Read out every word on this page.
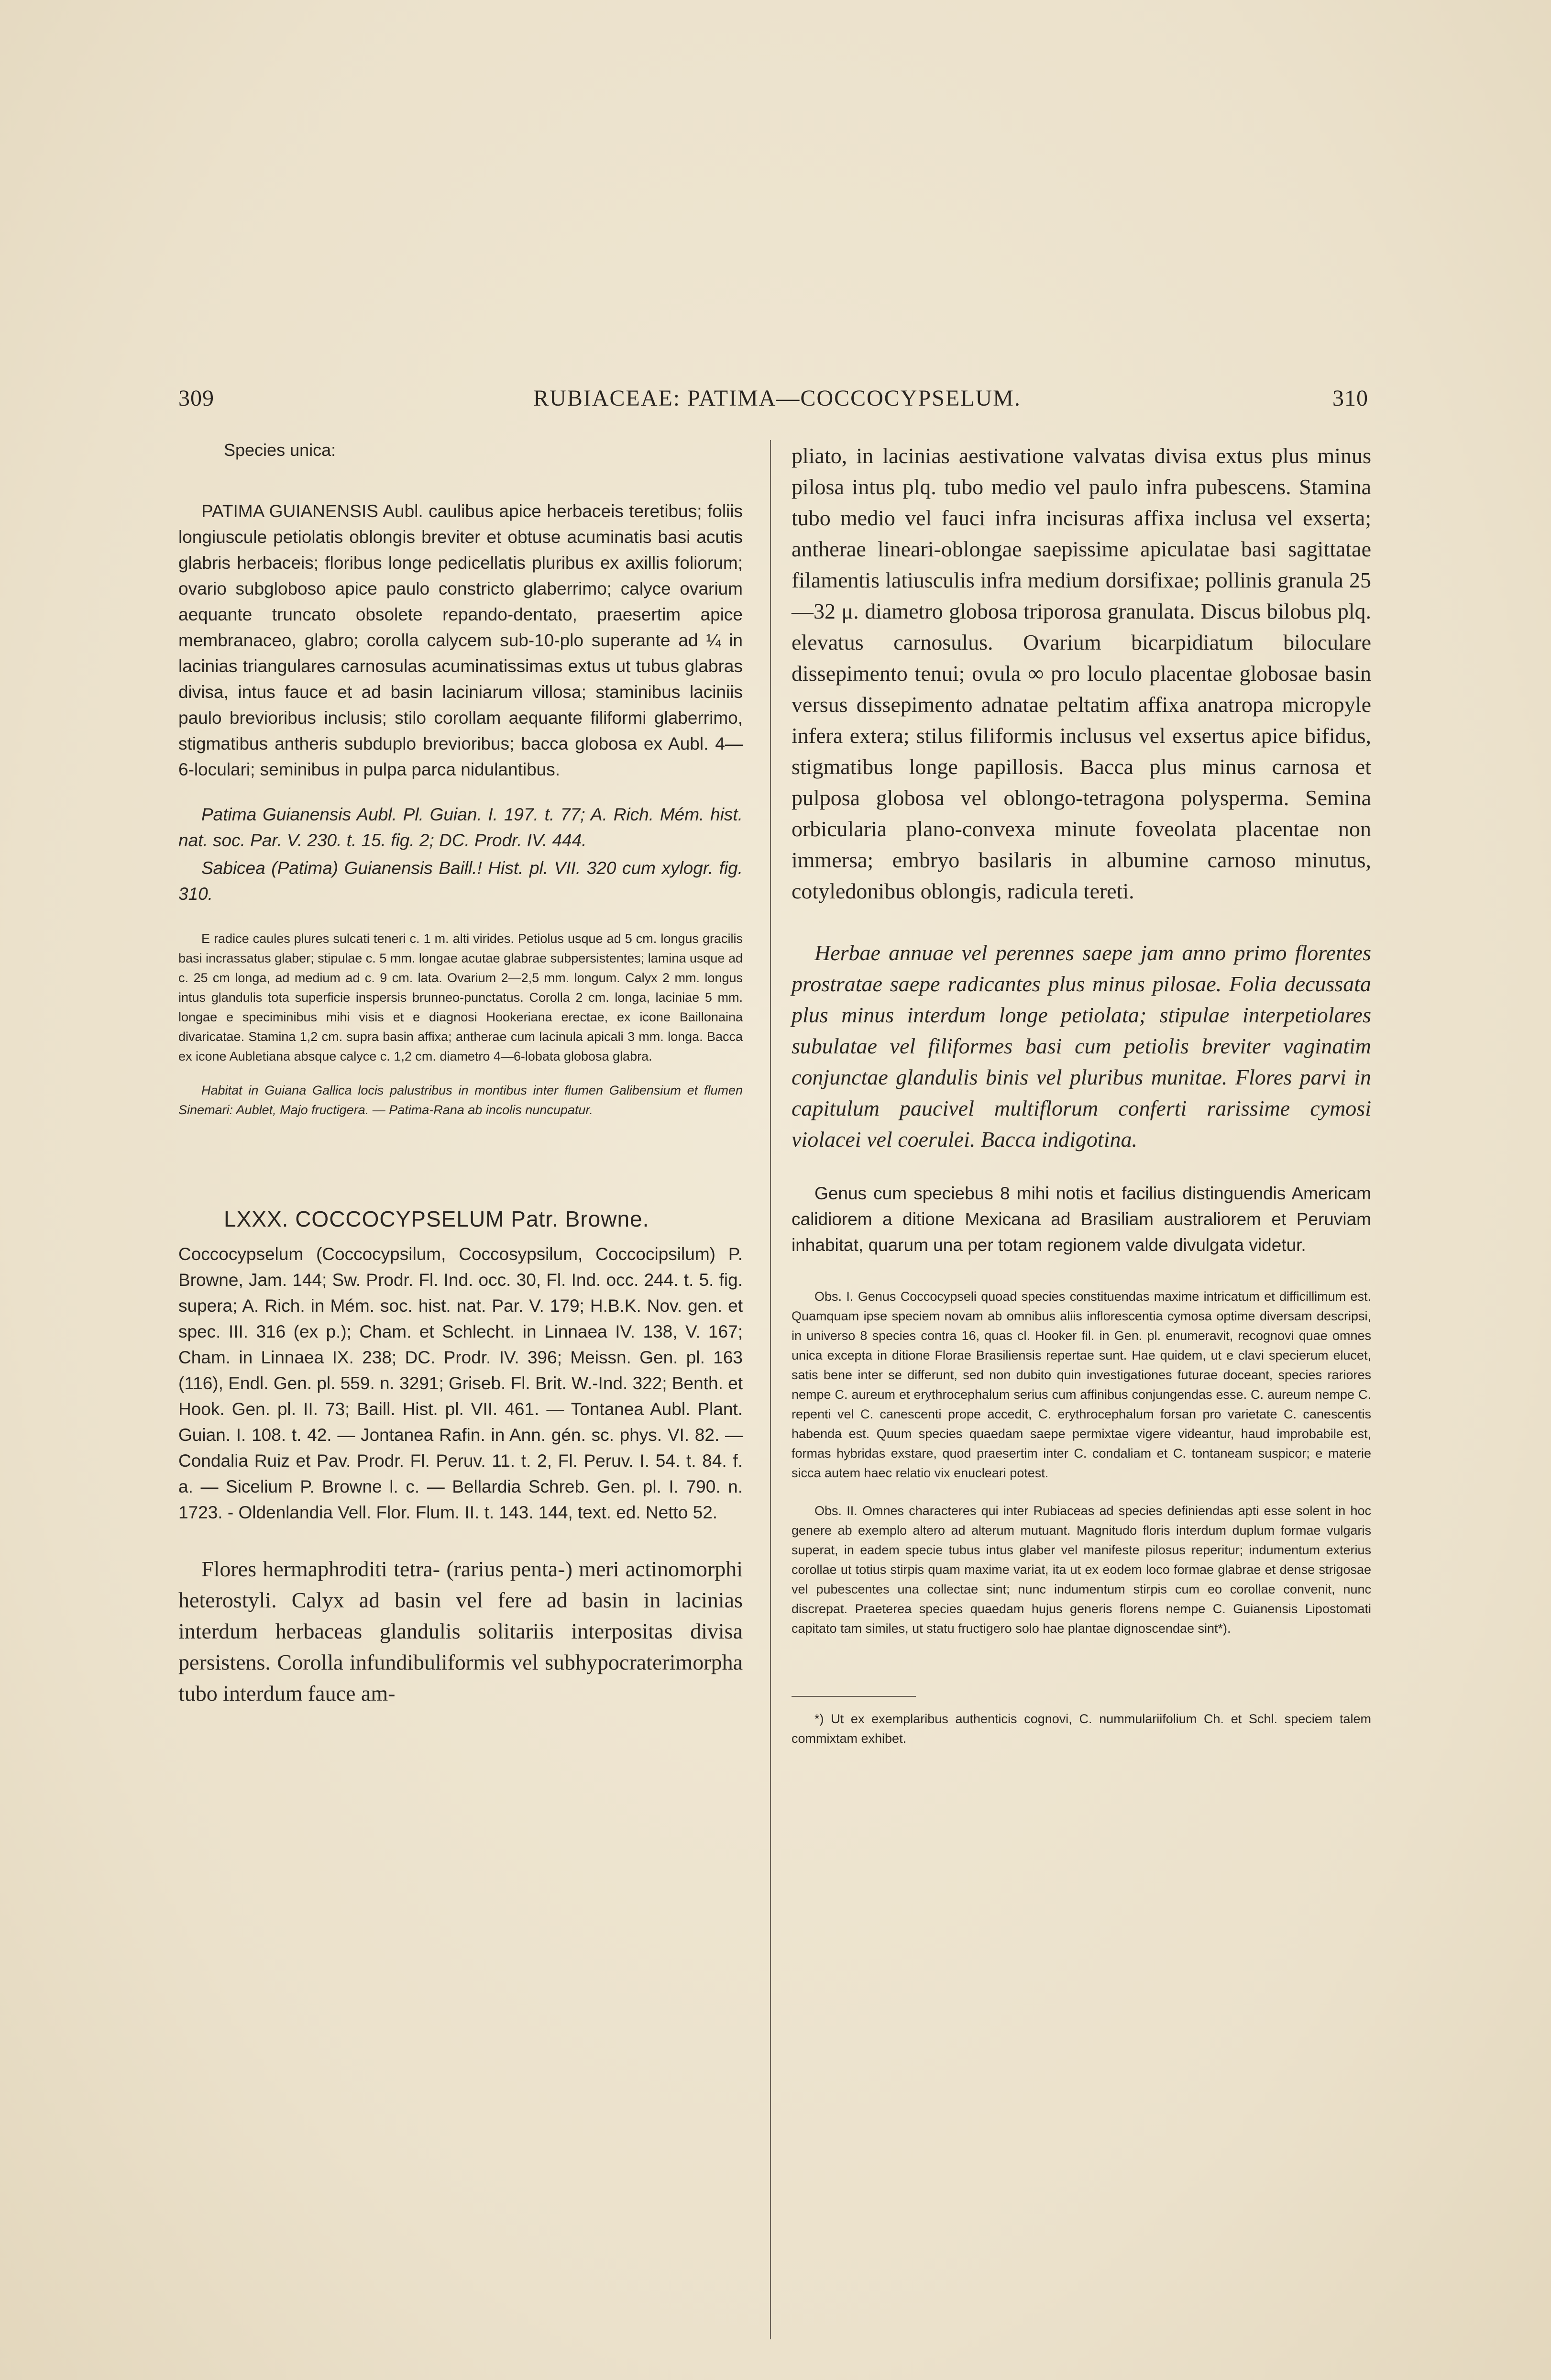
309	RUBIACEAE: PATIMA—COCCOCYPSELUM.	310

Species unica:

PATIMA GUIANENSIS Aubl. caulibus apice herbaceis teretibus; foliis longiuscule petiolatis oblongis breviter et obtuse acuminatis basi acutis glabris herbaceis; floribus longe pedicellatis pluribus ex axillis foliorum; ovario subgloboso apice paulo constricto glaberrimo; calyce ovarium aequante truncato obsolete repando-dentato, praesertim apice membranaceo, glabro; corolla calycem sub-10-plo superante ad ¼ in lacinias triangulares carnosulas acuminatissimas extus ut tubus glabras divisa, intus fauce et ad basin laciniarum villosa; staminibus laciniis paulo brevioribus inclusis; stilo corollam aequante filiformi glaberrimo, stigmatibus antheris subduplo brevioribus; bacca globosa ex Aubl. 4—6-loculari; seminibus in pulpa parca nidulantibus.

Patima Guianensis Aubl. Pl. Guian. I. 197. t. 77; A. Rich. Mém. hist. nat. soc. Par. V. 230. t. 15. fig. 2; DC. Prodr. IV. 444.

Sabicea (Patima) Guianensis Baill.! Hist. pl. VII. 320 cum xylogr. fig. 310.

E radice caules plures sulcati teneri c. 1 m. alti virides. Petiolus usque ad 5 cm. longus gracilis basi incrassatus glaber; stipulae c. 5 mm. longae acutae glabrae subpersistentes; lamina usque ad c. 25 cm longa, ad medium ad c. 9 cm. lata. Ovarium 2—2,5 mm. longum. Calyx 2 mm. longus intus glandulis tota superficie inspersis brunneo-punctatus. Corolla 2 cm. longa, laciniae 5 mm. longae e speciminibus mihi visis et e diagnosi Hookeriana erectae, ex icone Baillonaina divaricatae. Stamina 1,2 cm. supra basin affixa; antherae cum lacinula apicali 3 mm. longa. Bacca ex icone Aubletiana absque calyce c. 1,2 cm. diametro 4—6-lobata globosa glabra.

Habitat in Guiana Gallica locis palustribus in montibus inter flumen Galibensium et flumen Sinemari: Aublet, Majo fructigera. — Patima-Rana ab incolis nuncupatur.

LXXX. COCCOCYPSELUM Patr. Browne.

Coccocypselum (Coccocypsilum, Coccosypsilum, Coccocipsilum) P. Browne, Jam. 144; Sw. Prodr. Fl. Ind. occ. 30, Fl. Ind. occ. 244. t. 5. fig. supera; A. Rich. in Mém. soc. hist. nat. Par. V. 179; H.B.K. Nov. gen. et spec. III. 316 (ex p.); Cham. et Schlecht. in Linnaea IV. 138, V. 167; Cham. in Linnaea IX. 238; DC. Prodr. IV. 396; Meissn. Gen. pl. 163 (116), Endl. Gen. pl. 559. n. 3291; Griseb. Fl. Brit. W.-Ind. 322; Benth. et Hook. Gen. pl. II. 73; Baill. Hist. pl. VII. 461. — Tontanea Aubl. Plant. Guian. I. 108. t. 42. — Jontanea Rafin. in Ann. gén. sc. phys. VI. 82. — Condalia Ruiz et Pav. Prodr. Fl. Peruv. 11. t. 2, Fl. Peruv. I. 54. t. 84. f. a. — Sicelium P. Browne l. c. — Bellardia Schreb. Gen. pl. I. 790. n. 1723. - Oldenlandia Vell. Flor. Flum. II. t. 143. 144, text. ed. Netto 52.

Flores hermaphroditi tetra- (rarius penta-) meri actinomorphi heterostyli. Calyx ad basin vel fere ad basin in lacinias interdum herbaceas glandulis solitariis interpositas divisa persistens. Corolla infundibuliformis vel subhypocraterimorpha tubo interdum fauce am-

pliato, in lacinias aestivatione valvatas divisa extus plus minus pilosa intus plq. tubo medio vel paulo infra pubescens. Stamina tubo medio vel fauci infra incisuras affixa inclusa vel exserta; antherae lineari-oblongae saepissime apiculatae basi sagittatae filamentis latiusculis infra medium dorsifixae; pollinis granula 25—32 μ. diametro globosa triporosa granulata. Discus bilobus plq. elevatus carnosulus. Ovarium bicarpidiatum biloculare dissepimento tenui; ovula ∞ pro loculo placentae globosae basin versus dissepimento adnatae peltatim affixa anatropa micropyle infera extera; stilus filiformis inclusus vel exsertus apice bifidus, stigmatibus longe papillosis. Bacca plus minus carnosa et pulposa globosa vel oblongo-tetragona polysperma. Semina orbicularia plano-convexa minute foveolata placentae non immersa; embryo basilaris in albumine carnoso minutus, cotyledonibus oblongis, radicula tereti.

Herbae annuae vel perennes saepe jam anno primo florentes prostratae saepe radicantes plus minus pilosae. Folia decussata plus minus interdum longe petiolata; stipulae interpetiolares subulatae vel filiformes basi cum petiolis breviter vaginatim conjunctae glandulis binis vel pluribus munitae. Flores parvi in capitulum paucivel multiflorum conferti rarissime cymosi violacei vel coerulei. Bacca indigotina.

Genus cum speciebus 8 mihi notis et facilius distinguendis Americam calidiorem a ditione Mexicana ad Brasiliam australiorem et Peruviam inhabitat, quarum una per totam regionem valde divulgata videtur.

Obs. I. Genus Coccocypseli quoad species constituendas maxime intricatum et difficillimum est. Quamquam ipse speciem novam ab omnibus aliis inflorescentia cymosa optime diversam descripsi, in universo 8 species contra 16, quas cl. Hooker fil. in Gen. pl. enumeravit, recognovi quae omnes unica excepta in ditione Florae Brasiliensis repertae sunt. Hae quidem, ut e clavi specierum elucet, satis bene inter se differunt, sed non dubito quin investigationes futurae doceant, species rariores nempe C. aureum et erythrocephalum serius cum affinibus conjungendas esse. C. aureum nempe C. repenti vel C. canescenti prope accedit, C. erythrocephalum forsan pro varietate C. canescentis habenda est. Quum species quaedam saepe permixtae vigere videantur, haud improbabile est, formas hybridas exstare, quod praesertim inter C. condaliam et C. tontaneam suspicor; e materie sicca autem haec relatio vix enucleari potest.

Obs. II. Omnes characteres qui inter Rubiaceas ad species definiendas apti esse solent in hoc genere ab exemplo altero ad alterum mutuant. Magnitudo floris interdum duplum formae vulgaris superat, in eadem specie tubus intus glaber vel manifeste pilosus reperitur; indumentum exterius corollae ut totius stirpis quam maxime variat, ita ut ex eodem loco formae glabrae et dense strigosae vel pubescentes una collectae sint; nunc indumentum stirpis cum eo corollae convenit, nunc discrepat. Praeterea species quaedam hujus generis florens nempe C. Guianensis Lipostomati capitato tam similes, ut statu fructigero solo hae plantae dignoscendae sint*).

*) Ut ex exemplaribus authenticis cognovi, C. nummulariifolium Ch. et Schl. speciem talem commixtam exhibet.
